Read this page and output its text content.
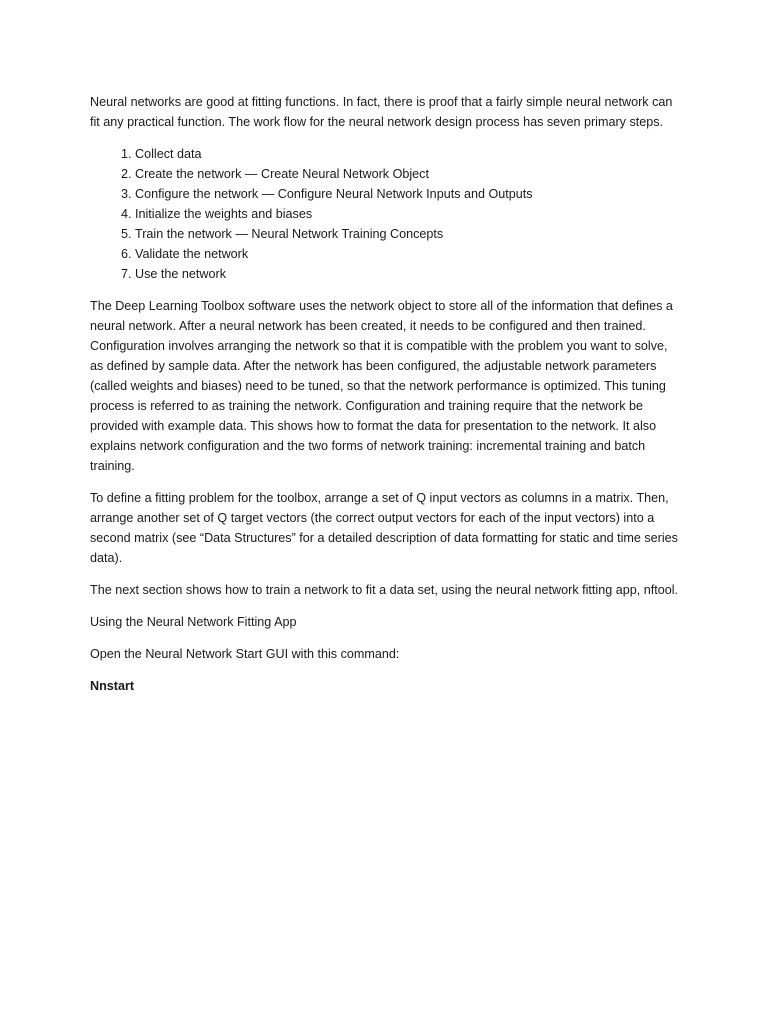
Neural networks are good at fitting functions. In fact, there is proof that a fairly simple neural network can fit any practical function. The work flow for the neural network design process has seven primary steps.

1. Collect data
2. Create the network — Create Neural Network Object
3. Configure the network — Configure Neural Network Inputs and Outputs
4. Initialize the weights and biases
5. Train the network — Neural Network Training Concepts
6. Validate the network
7. Use the network

The Deep Learning Toolbox software uses the network object to store all of the information that defines a neural network. After a neural network has been created, it needs to be configured and then trained. Configuration involves arranging the network so that it is compatible with the problem you want to solve, as defined by sample data. After the network has been configured, the adjustable network parameters (called weights and biases) need to be tuned, so that the network performance is optimized. This tuning process is referred to as training the network. Configuration and training require that the network be provided with example data. This shows how to format the data for presentation to the network. It also explains network configuration and the two forms of network training: incremental training and batch training.

To define a fitting problem for the toolbox, arrange a set of Q input vectors as columns in a matrix. Then, arrange another set of Q target vectors (the correct output vectors for each of the input vectors) into a second matrix (see “Data Structures” for a detailed description of data formatting for static and time series data).

The next section shows how to train a network to fit a data set, using the neural network fitting app, nftool.

Using the Neural Network Fitting App

Open the Neural Network Start GUI with this command:

Nnstart
